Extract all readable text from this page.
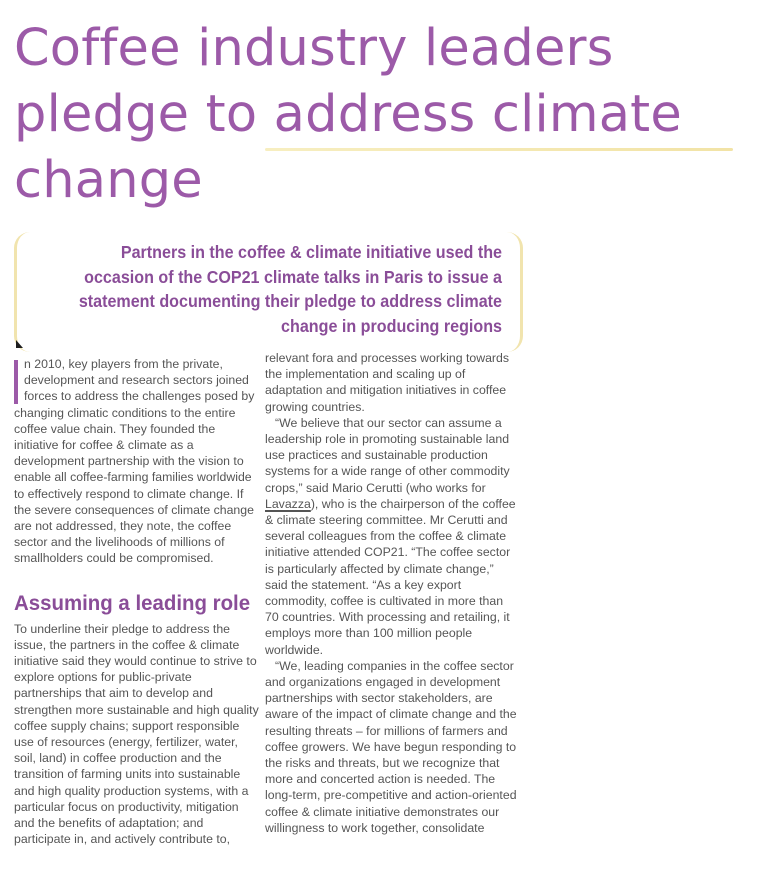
Coffee industry leaders pledge to address climate change

Partners in the coffee & climate initiative used the occasion of the COP21 climate talks in Paris to issue a statement documenting their pledge to address climate change in producing regions

n 2010, key players from the private, development and research sectors joined forces to address the challenges posed by changing climatic conditions to the entire coffee value chain. They founded the initiative for coffee & climate as a development partnership with the vision to enable all coffee-farming families worldwide to effectively respond to climate change. If the severe consequences of climate change are not addressed, they note, the coffee sector and the livelihoods of millions of smallholders could be compromised.

Assuming a leading role

To underline their pledge to address the issue, the partners in the coffee & climate initiative said they would continue to strive to explore options for public-private partnerships that aim to develop and strengthen more sustainable and high quality coffee supply chains; support responsible use of resources (energy, fertilizer, water, soil, land) in coffee production and the transition of farming units into sustainable and high quality production systems, with a particular focus on productivity, mitigation and the benefits of adaptation; and participate in, and actively contribute to,

relevant fora and processes working towards the implementation and scaling up of adaptation and mitigation initiatives in coffee growing countries.

“We believe that our sector can assume a leadership role in promoting sustainable land use practices and sustainable production systems for a wide range of other commodity crops,” said Mario Cerutti (who works for Lavazza), who is the chairperson of the coffee & climate steering committee. Mr Cerutti and several colleagues from the coffee & climate initiative attended COP21. “The coffee sector is particularly affected by climate change,” said the statement. “As a key export commodity, coffee is cultivated in more than 70 countries. With processing and retailing, it employs more than 100 million people worldwide.

“We, leading companies in the coffee sector and organizations engaged in development partnerships with sector stakeholders, are aware of the impact of climate change and the resulting threats – for millions of farmers and coffee growers. We have begun responding to the risks and threats, but we recognize that more and concerted action is needed. The long-term, pre-competitive and action-oriented coffee & climate initiative demonstrates our willingness to work together, consolidate
